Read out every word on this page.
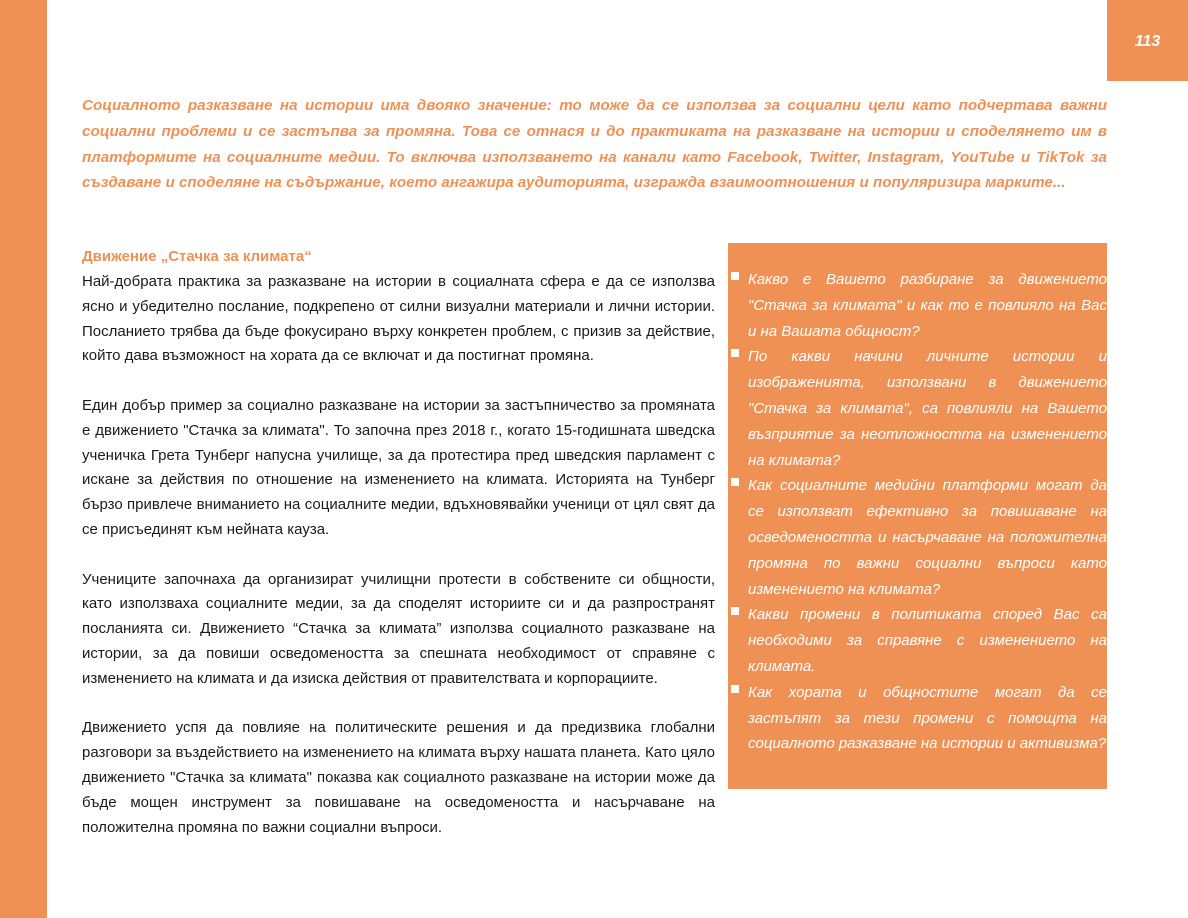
113

Социалното разказване на истории има двояко значение: то може да се използва за социални цели като подчертава важни социални проблеми и се застъпва за промяна. Това се отнася и до практиката на разказване на истории и споделянето им в платформите на социалните медии. То включва използването на канали като Facebook, Twitter, Instagram, YouTube и TikTok за създаване и споделяне на съдържание, което ангажира аудиторията, изгражда взаимоотношения и популяризира марките...

Движение „Стачка за климата“

Най-добрата практика за разказване на истории в социалната сфера е да се използва ясно и убедително послание, подкрепено от силни визуални материали и лични истории. Посланието трябва да бъде фокусирано върху конкретен проблем, с призив за действие, който дава възможност на хората да се включат и да постигнат промяна.

Един добър пример за социално разказване на истории за застъпничество за промяната е движението "Стачка за климата". То започна през 2018 г., когато 15-годишната шведска ученичка Грета Тунберг напусна училище, за да протестира пред шведския парламент с искане за действия по отношение на изменението на климата. Историята на Тунберг бързо привлече вниманието на социалните медии, вдъхновявайки ученици от цял свят да се присъединят към нейната кауза.

Учениците започнаха да организират училищни протести в собствените си общности, като използваха социалните медии, за да споделят историите си и да разпространят посланията си. Движението “Стачка за климата” използва социалното разказване на истории, за да повиши осведомеността за спешната необходимост от справяне с изменението на климата и да изиска действия от правителствата и корпорациите.

Движението успя да повлияе на политическите решения и да предизвика глобални разговори за въздействието на изменението на климата върху нашата планета. Като цяло движението "Стачка за климата" показва как социалното разказване на истории може да бъде мощен инструмент за повишаване на осведомеността и насърчаване на положителна промяна по важни социални въпроси.

Какво е Вашето разбиране за движението "Стачка за климата" и как то е повлияло на Вас и на Вашата общност?
По какви начини личните истории и изображенията, използвани в движението "Стачка за климата", са повлияли на Вашето възприятие за неотложността на изменението на климата?
Как социалните медийни платформи могат да се използват ефективно за повишаване на осведомеността и насърчаване на положителна промяна по важни социални въпроси като изменението на климата?
Какви промени в политиката според Вас са необходими за справяне с изменението на климата.
Как хората и общностите могат да се застъпят за тези промени с помощта на социалното разказване на истории и активизма?
